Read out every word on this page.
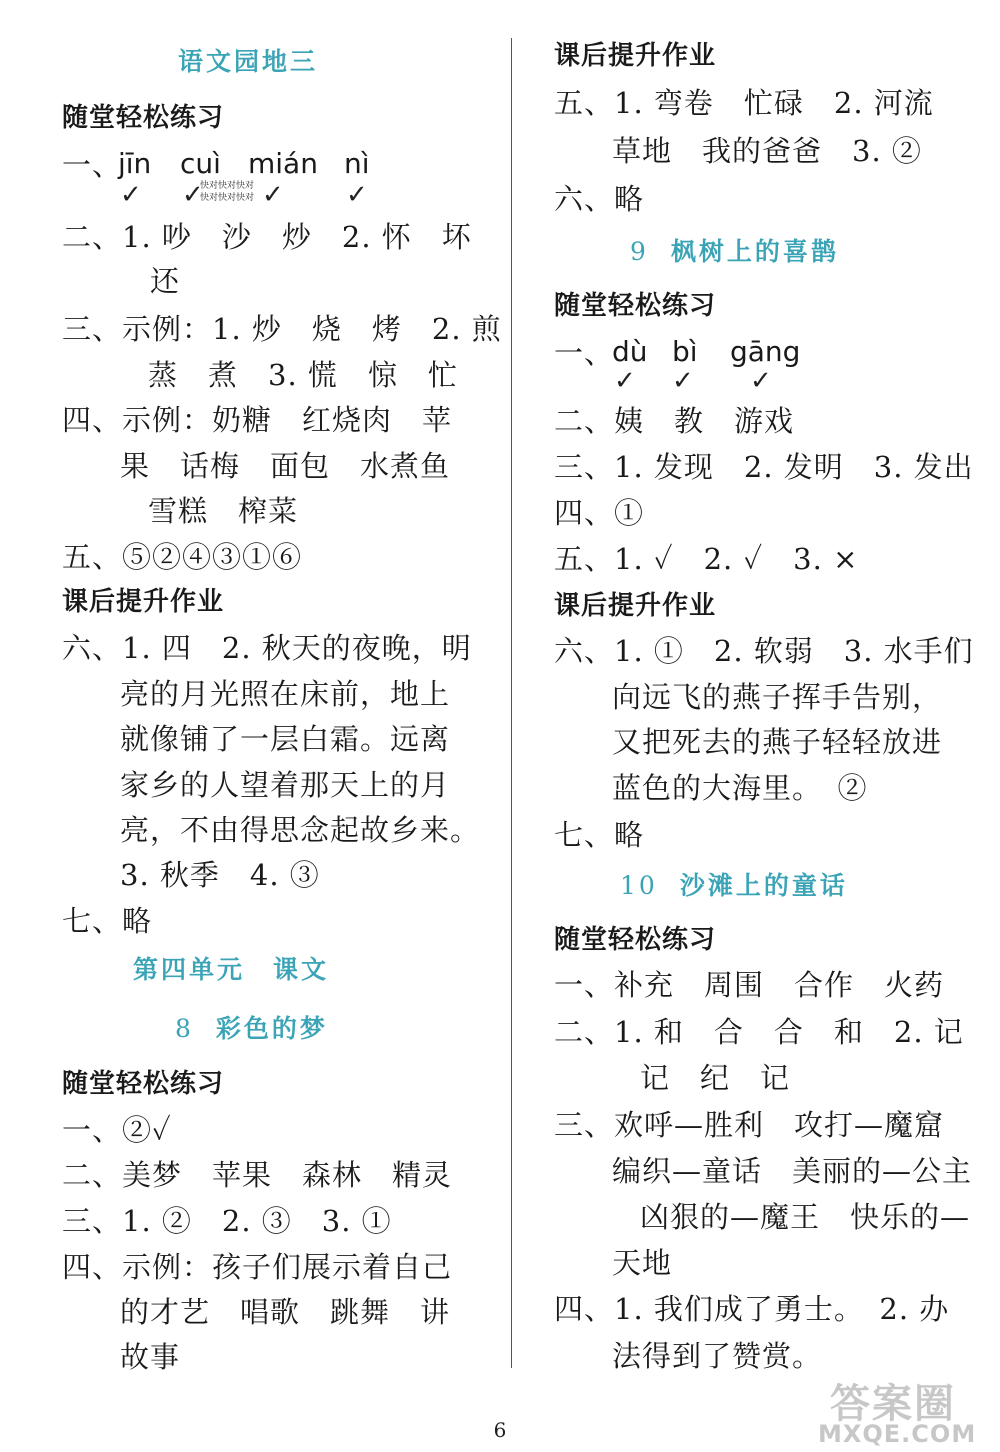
语文园地三
随堂轻松练习
一、
jīn cuì mián nì
✓ ✓ ✓ ✓
快对快对快对
快对快对快对
二、1. 吵　沙　炒　2. 怀　坏
还
三、示例：1. 炒　烧　烤　2. 煎
蒸　煮　3. 慌　惊　忙
四、示例：奶糖　红烧肉　苹
果　话梅　面包　水煮鱼
雪糕　榨菜
五、⑤②④③①⑥
课后提升作业
六、1. 四　2. 秋天的夜晚，明
亮的月光照在床前，地上
就像铺了一层白霜。远离
家乡的人望着那天上的月
亮，不由得思念起故乡来。
3. 秋季　4. ③
七、略
第四单元　课文
8 彩色的梦
随堂轻松练习
一、②✓
二、美梦　苹果　森林　精灵
三、1. ②　2. ③　3. ①
四、示例：孩子们展示着自己
的才艺　唱歌　跳舞　讲
故事
课后提升作业
五、1. 弯卷　忙碌　2. 河流
草地　我的爸爸　3. ②
六、略
9 枫树上的喜鹊
随堂轻松练习
一、
dù bì gāng
✓ ✓ ✓
二、姨　教　游戏
三、1. 发现　2. 发明　3. 发出
四、①
五、1. ✓　2. ✓　3. ×
课后提升作业
六、1. ①　2. 软弱　3. 水手们
向远飞的燕子挥手告别，
又把死去的燕子轻轻放进
蓝色的大海里。　②
七、略
10 沙滩上的童话
随堂轻松练习
一、补充　周围　合作　火药
二、1. 和　合　合　和　2. 记
记　纪　记
三、欢呼—胜利　攻打—魔窟
编织—童话　美丽的—公主
凶狠的—魔王　快乐的—
天地
四、1. 我们成了勇士。　2. 办
法得到了赞赏。
6
答案圈
MXQE.COM
